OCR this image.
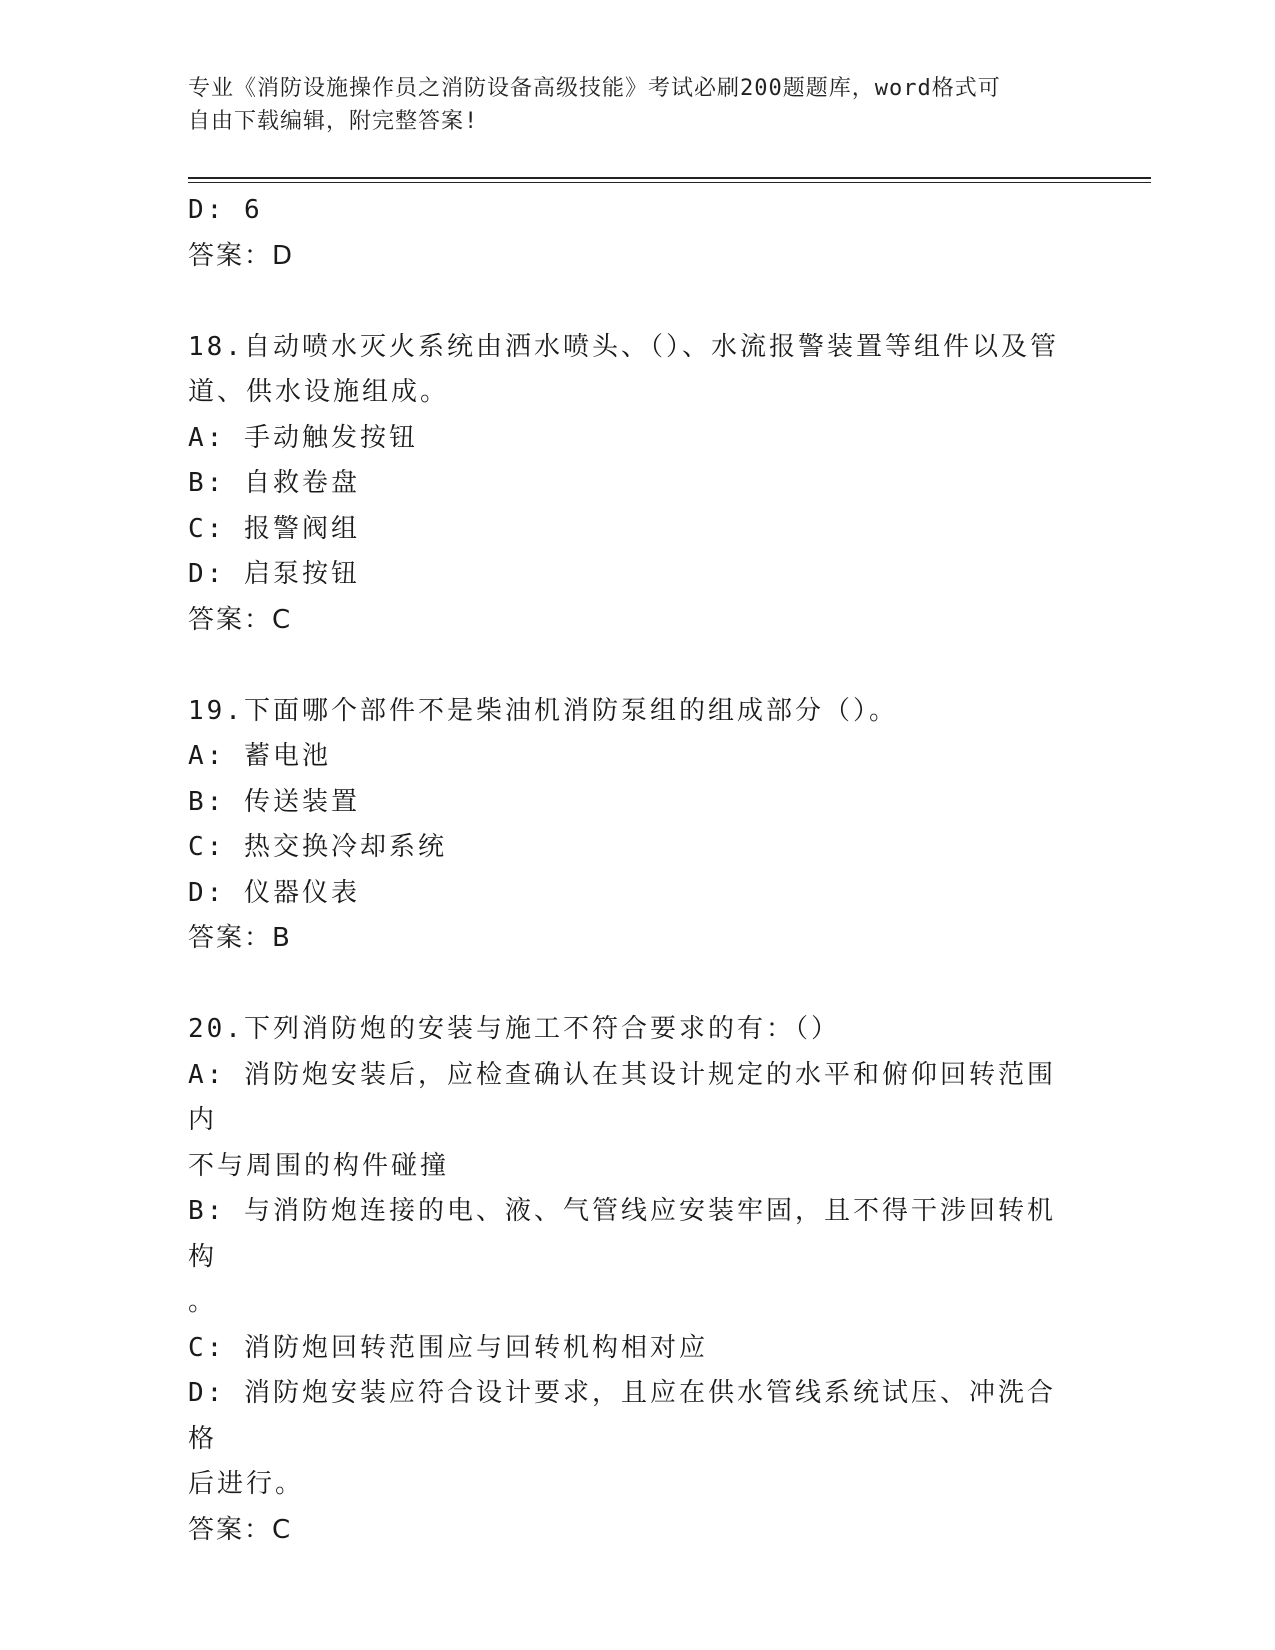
专业《消防设施操作员之消防设备高级技能》考试必刷200题题库，word格式可
自由下载编辑，附完整答案!

D: 6

答案：D

18.自动喷水灭火系统由洒水喷头、（）、水流报警装置等组件以及管

道、供水设施组成。

A: 手动触发按钮

B: 自救卷盘

C: 报警阀组

D: 启泵按钮

答案：C

19.下面哪个部件不是柴油机消防泵组的组成部分（）。

A: 蓄电池

B: 传送装置

C: 热交换冷却系统

D: 仪器仪表

答案：B

20.下列消防炮的安装与施工不符合要求的有：（）

A: 消防炮安装后，应检查确认在其设计规定的水平和俯仰回转范围内

不与周围的构件碰撞

B: 与消防炮连接的电、液、气管线应安装牢固，且不得干涉回转机构

。

C: 消防炮回转范围应与回转机构相对应

D: 消防炮安装应符合设计要求，且应在供水管线系统试压、冲洗合格

后进行。

答案：C
